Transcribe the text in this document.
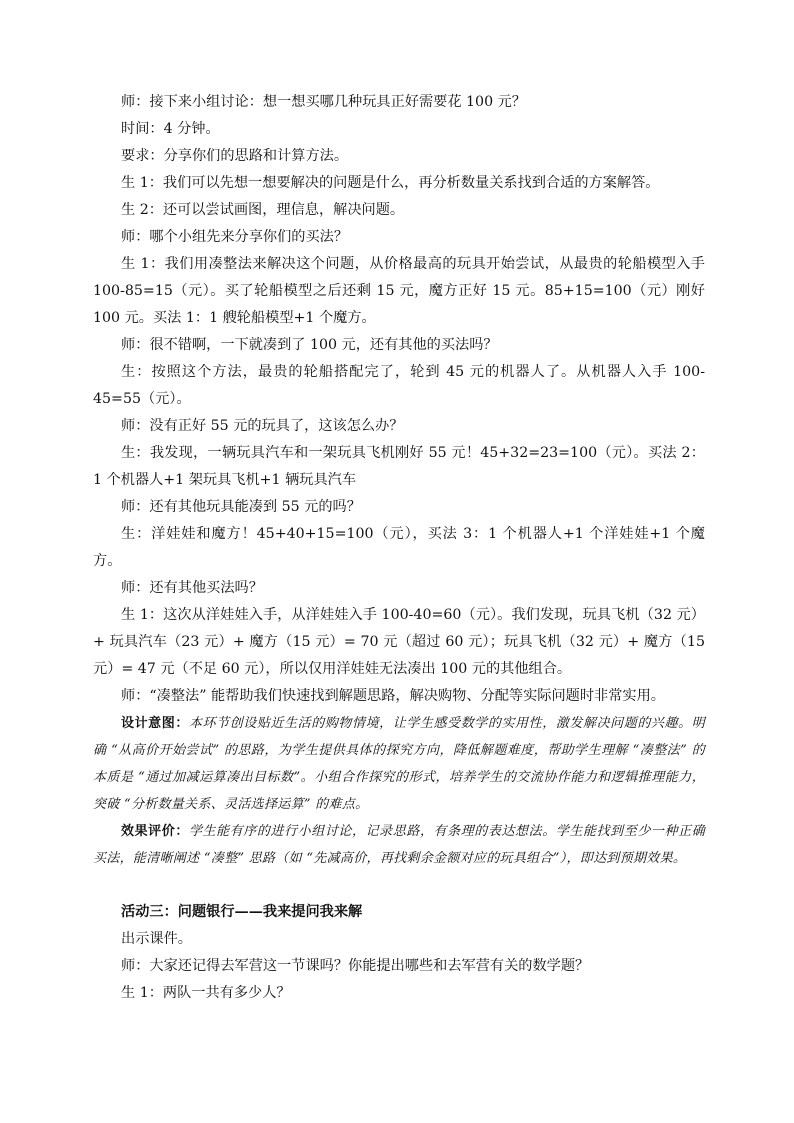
师：接下来小组讨论：想一想买哪几种玩具正好需要花 100 元？

时间：4 分钟。

要求：分享你们的思路和计算方法。

生 1：我们可以先想一想要解决的问题是什么，再分析数量关系找到合适的方案解答。

生 2：还可以尝试画图，理信息，解决问题。

师：哪个小组先来分享你们的买法？

生 1：我们用凑整法来解决这个问题，从价格最高的玩具开始尝试，从最贵的轮船模型入手 100-85=15（元）。买了轮船模型之后还剩 15 元，魔方正好 15 元。85+15=100（元）刚好 100 元。买法 1：1 艘轮船模型+1 个魔方。

师：很不错啊，一下就凑到了 100 元，还有其他的买法吗？

生：按照这个方法，最贵的轮船搭配完了，轮到 45 元的机器人了。从机器人入手 100-45=55（元）。

师：没有正好 55 元的玩具了，这该怎么办？

生：我发现，一辆玩具汽车和一架玩具飞机刚好 55 元！45+32=23=100（元）。买法 2：1 个机器人+1 架玩具飞机+1 辆玩具汽车

师：还有其他玩具能凑到 55 元的吗？

生：洋娃娃和魔方！45+40+15=100（元），买法 3：1 个机器人+1 个洋娃娃+1 个魔方。

师：还有其他买法吗？

生 1：这次从洋娃娃入手，从洋娃娃入手 100-40=60（元）。我们发现，玩具飞机（32 元）+ 玩具汽车（23 元）+ 魔方（15 元）= 70 元（超过 60 元）；玩具飞机（32 元）+ 魔方（15 元）= 47 元（不足 60 元），所以仅用洋娃娃无法凑出 100 元的其他组合。

师：“凑整法” 能帮助我们快速找到解题思路，解决购物、分配等实际问题时非常实用。

设计意图：本环节创设贴近生活的购物情境，让学生感受数学的实用性，激发解决问题的兴趣。明确 “从高价开始尝试” 的思路，为学生提供具体的探究方向，降低解题难度，帮助学生理解 “凑整法” 的本质是 “通过加减运算凑出目标数”。小组合作探究的形式，培养学生的交流协作能力和逻辑推理能力，突破 “分析数量关系、灵活选择运算” 的难点。

效果评价：学生能有序的进行小组讨论，记录思路，有条理的表达想法。学生能找到至少一种正确买法，能清晰阐述 “凑整” 思路（如 “先减高价，再找剩余金额对应的玩具组合”），即达到预期效果。

活动三：问题银行——我来提问我来解

出示课件。

师：大家还记得去军营这一节课吗？你能提出哪些和去军营有关的数学题？

生 1：两队一共有多少人？
